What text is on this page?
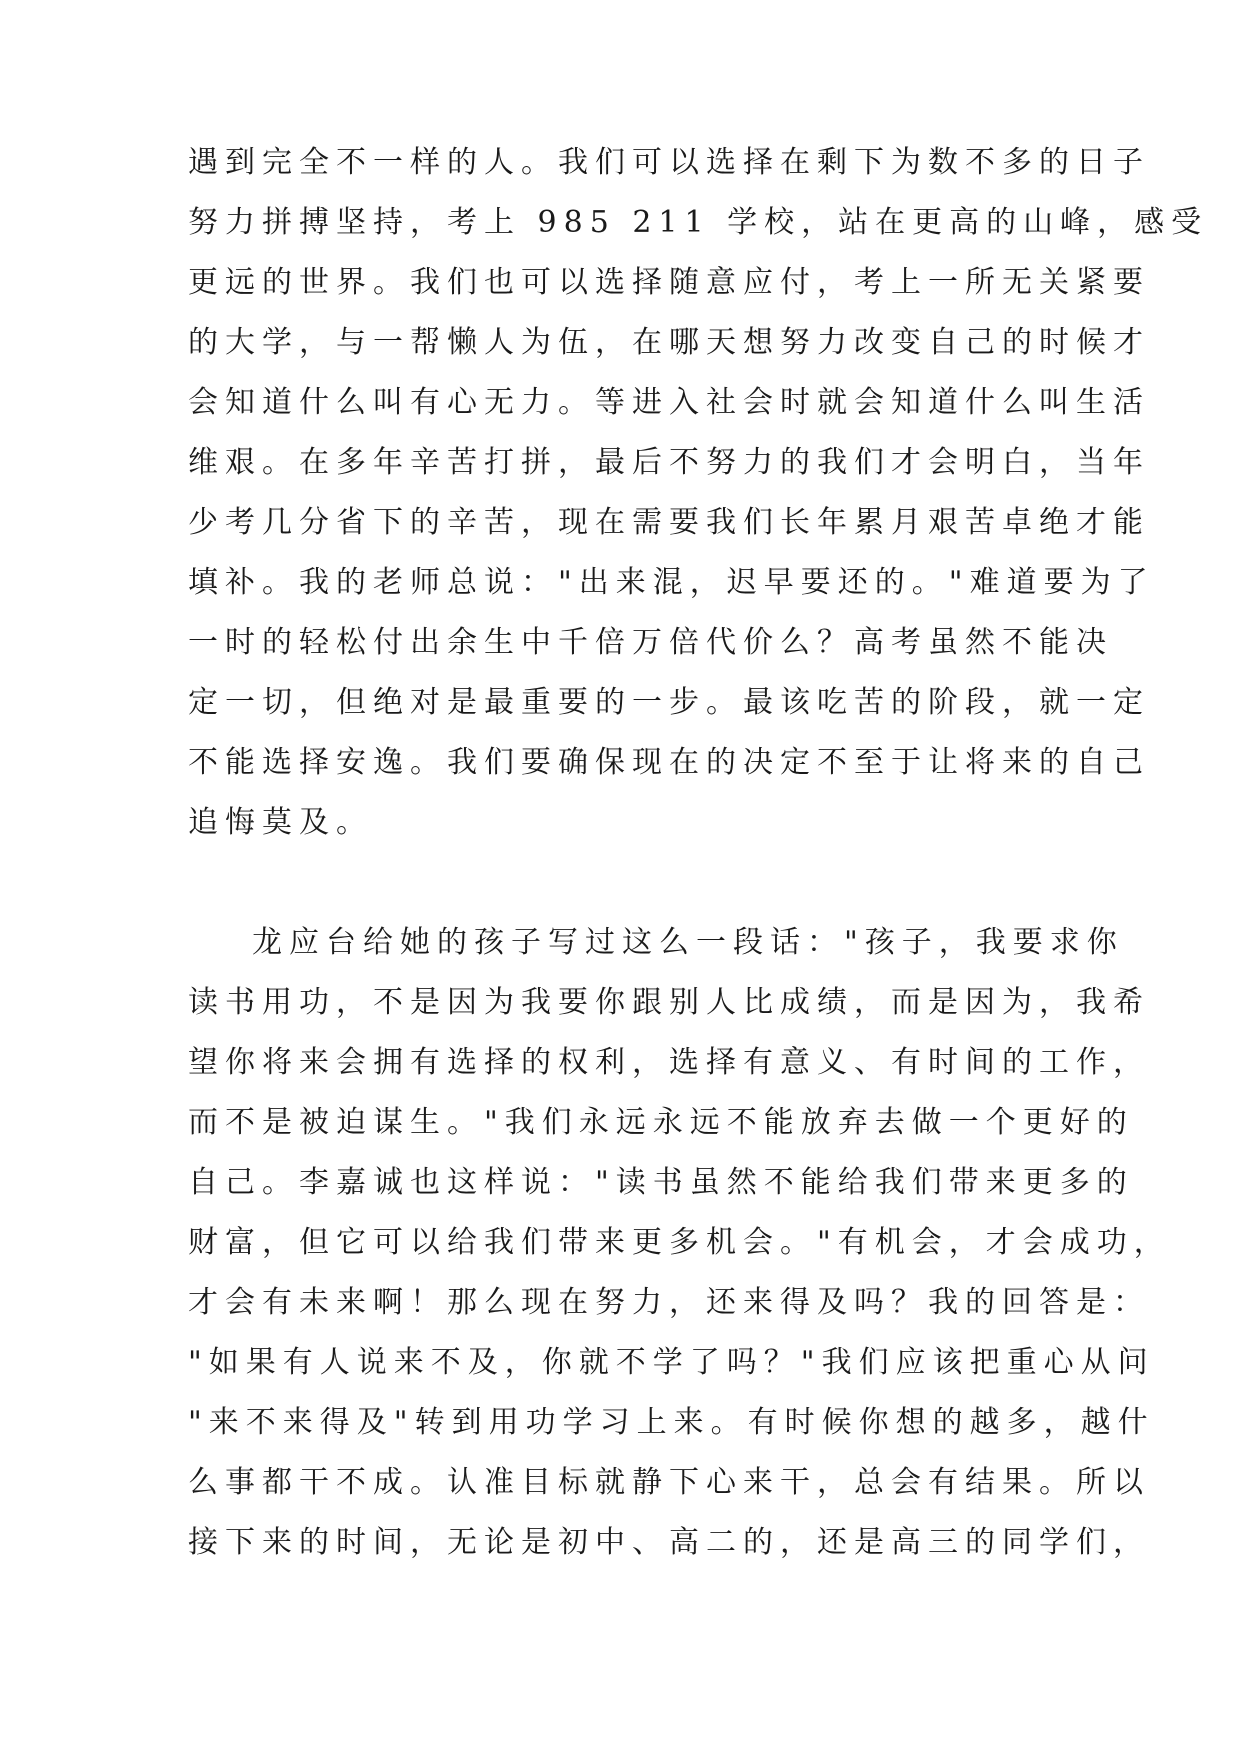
遇到完全不一样的人。我们可以选择在剩下为数不多的日子
努力拼搏坚持，考上 985 211 学校，站在更高的山峰，感受
更远的世界。我们也可以选择随意应付，考上一所无关紧要
的大学，与一帮懒人为伍，在哪天想努力改变自己的时候才
会知道什么叫有心无力。等进入社会时就会知道什么叫生活
维艰。在多年辛苦打拼，最后不努力的我们才会明白，当年
少考几分省下的辛苦，现在需要我们长年累月艰苦卓绝才能
填补。我的老师总说："出来混，迟早要还的。"难道要为了
一时的轻松付出余生中千倍万倍代价么？高考虽然不能决
定一切，但绝对是最重要的一步。最该吃苦的阶段，就一定
不能选择安逸。我们要确保现在的决定不至于让将来的自己
追悔莫及。
龙应台给她的孩子写过这么一段话："孩子，我要求你
读书用功，不是因为我要你跟别人比成绩，而是因为，我希
望你将来会拥有选择的权利，选择有意义、有时间的工作，
而不是被迫谋生。"我们永远永远不能放弃去做一个更好的
自己。李嘉诚也这样说："读书虽然不能给我们带来更多的
财富，但它可以给我们带来更多机会。"有机会，才会成功，
才会有未来啊！那么现在努力，还来得及吗？我的回答是：
"如果有人说来不及，你就不学了吗？"我们应该把重心从问
"来不来得及"转到用功学习上来。有时候你想的越多，越什
么事都干不成。认准目标就静下心来干，总会有结果。所以
接下来的时间，无论是初中、高二的，还是高三的同学们，
